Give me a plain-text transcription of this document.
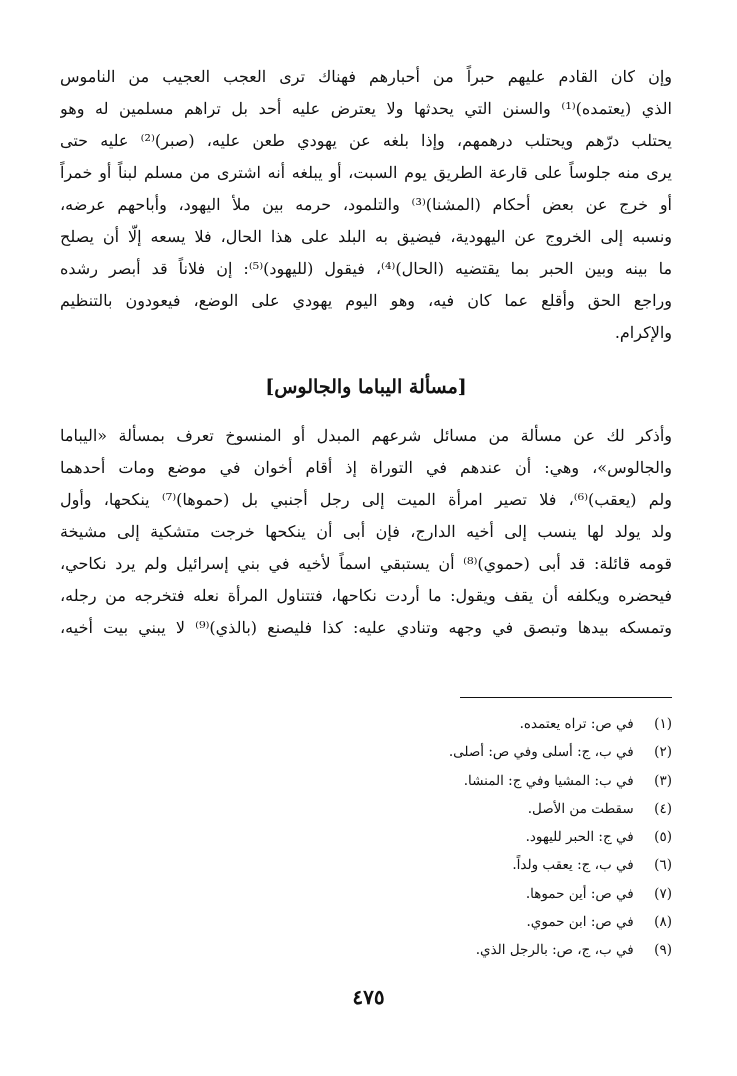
وإن كان القادم عليهم حبراً من أحبارهم فهناك ترى العجب العجيب من الناموس
الذي (يعتمده)⁽¹⁾ والسنن التي يحدثها ولا يعترض عليه أحد بل تراهم مسلمين له وهو
يحتلب درّهم ويحتلب درهمهم، وإذا بلغه عن يهودي طعن عليه، (صبر)⁽²⁾ عليه حتى
يرى منه جلوساً على قارعة الطريق يوم السبت، أو يبلغه أنه اشترى من مسلم لبناً أو خمراً
أو خرج عن بعض أحكام (المشنا)⁽³⁾ والتلمود، حرمه بين ملأ اليهود، وأباحهم عرضه،
ونسبه إلى الخروج عن اليهودية، فيضيق به البلد على هذا الحال، فلا يسعه إلّا أن يصلح
ما بينه وبين الحبر بما يقتضيه (الحال)⁽⁴⁾، فيقول (لليهود)⁽⁵⁾: إن فلاناً قد أبصر رشده
وراجع الحق وأقلع عما كان فيه، وهو اليوم يهودي على الوضع، فيعودون بالتنظيم
والإكرام.
[مسألة اليباما والجالوس]
وأذكر لك عن مسألة من مسائل شرعهم المبدل أو المنسوخ تعرف بمسألة «اليباما
والجالوس»، وهي: أن عندهم في التوراة إذ أقام أخوان في موضع ومات أحدهما
ولم (يعقب)⁽⁶⁾، فلا تصير امرأة الميت إلى رجل أجنبي بل (حموها)⁽⁷⁾ ينكحها، وأول
ولد يولد لها ينسب إلى أخيه الدارج، فإن أبى أن ينكحها خرجت متشكية إلى مشيخة
قومه قائلة: قد أبى (حموي)⁽⁸⁾ أن يستبقي اسماً لأخيه في بني إسرائيل ولم يرد نكاحي،
فيحضره ويكلفه أن يقف ويقول: ما أردت نكاحها، فتتناول المرأة نعله فتخرجه من رجله،
وتمسكه بيدها وتبصق في وجهه وتنادي عليه: كذا فليصنع (بالذي)⁽⁹⁾ لا يبني بيت أخيه،
(١) في ص: تراه يعتمده.
(٢) في ب، ج: أسلى وفي ص: أصلى.
(٣) في ب: المشيا وفي ج: المنشا.
(٤) سقطت من الأصل.
(٥) في ج: الحبر لليهود.
(٦) في ب، ج: يعقب ولداً.
(٧) في ص: أين حموها.
(٨) في ص: ابن حموي.
(٩) في ب، ج، ص: بالرجل الذي.
٤٧٥
